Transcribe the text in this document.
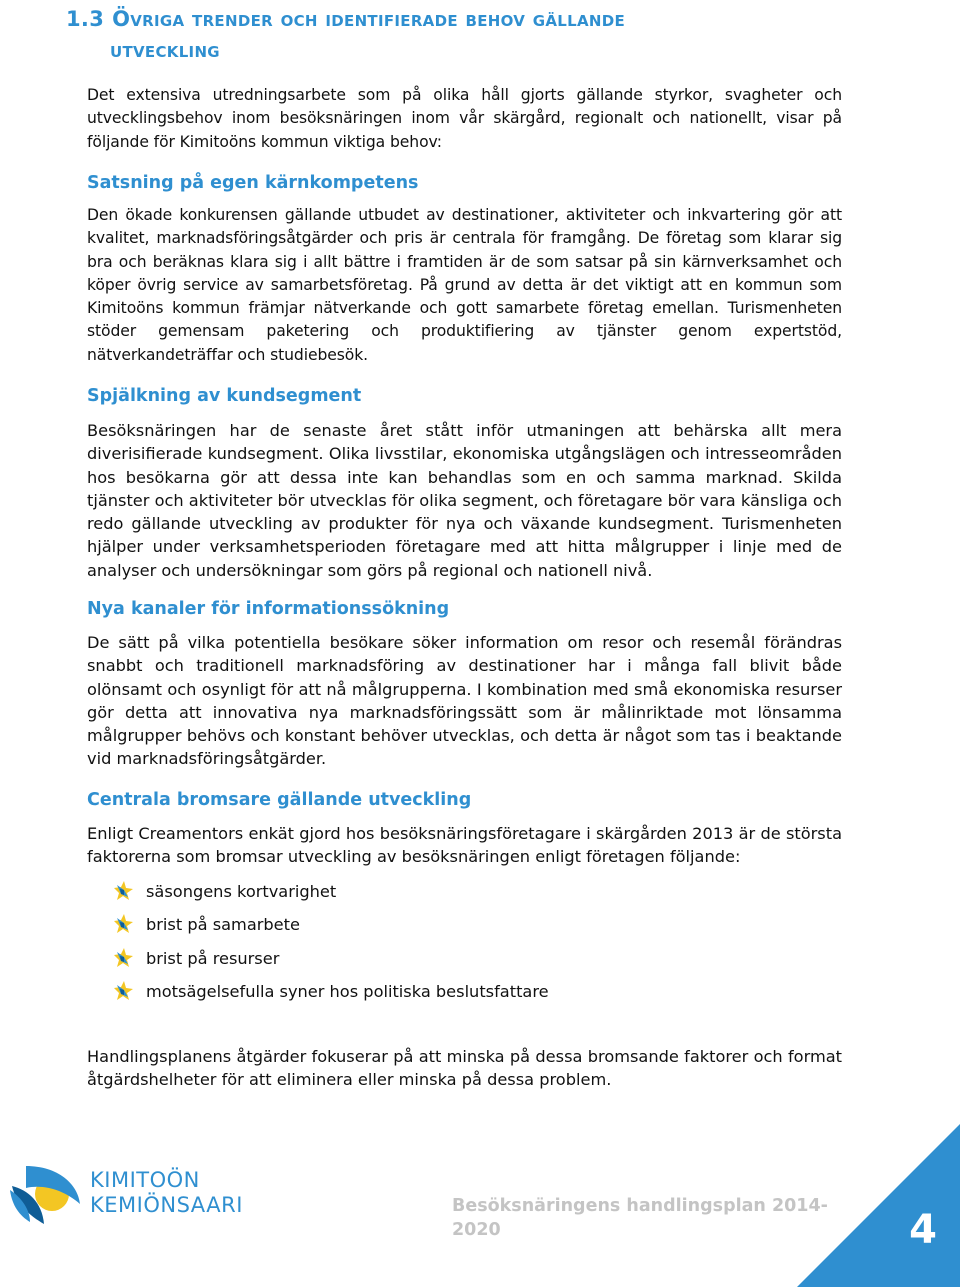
1.3 Övriga trender och identifierade behov gällande
utveckling

Det extensiva utredningsarbete som på olika håll gjorts gällande styrkor, svagheter och utvecklingsbehov inom besöksnäringen inom vår skärgård, regionalt och nationellt, visar på följande för Kimitoöns kommun viktiga behov:

Satsning på egen kärnkompetens

Den ökade konkurensen gällande utbudet av destinationer, aktiviteter och inkvartering gör att kvalitet, marknadsföringsåtgärder och pris är centrala för framgång. De företag som klarar sig bra och beräknas klara sig i allt bättre i framtiden är de som satsar på sin kärnverksamhet och köper övrig service av samarbetsföretag. På grund av detta är det viktigt att en kommun som Kimitoöns kommun främjar nätverkande och gott samarbete företag emellan. Turismenheten stöder gemensam paketering och produktifiering av tjänster genom expertstöd, nätverkandeträffar och studiebesök.

Spjälkning av kundsegment

Besöksnäringen har de senaste året stått inför utmaningen att behärska allt mera diverisifierade kundsegment. Olika livsstilar, ekonomiska utgångslägen och intresseområden hos besökarna gör att dessa inte kan behandlas som en och samma marknad. Skilda tjänster och aktiviteter bör utvecklas för olika segment, och företagare bör vara känsliga och redo gällande utveckling av produkter för nya och växande kundsegment. Turismenheten hjälper under verksamhetsperioden företagare med att hitta målgrupper i linje med de analyser och undersökningar som görs på regional och nationell nivå.

Nya kanaler för informationssökning

De sätt på vilka potentiella besökare söker information om resor och resemål förändras snabbt och traditionell marknadsföring av destinationer har i många fall blivit både olönsamt och osynligt för att nå målgrupperna. I kombination med små ekonomiska resurser gör detta att innovativa nya marknadsföringssätt som är målinriktade mot lönsamma målgrupper behövs och konstant behöver utvecklas, och detta är något som tas i beaktande vid marknadsföringsåtgärder.

Centrala bromsare gällande utveckling

Enligt Creamentors enkät gjord hos besöksnäringsföretagare i skärgården 2013 är de största faktorerna som bromsar utveckling av besöksnäringen enligt företagen följande:

säsongens kortvarighet
brist på samarbete
brist på resurser
motsägelsefulla syner hos politiska beslutsfattare

Handlingsplanens åtgärder fokuserar på att minska på dessa bromsande faktorer och format åtgärdshelheter för att eliminera eller minska på dessa problem.

KIMITOÖN
KEMIÖNSAARI	Besöksnäringens handlingsplan 2014-2020	4
